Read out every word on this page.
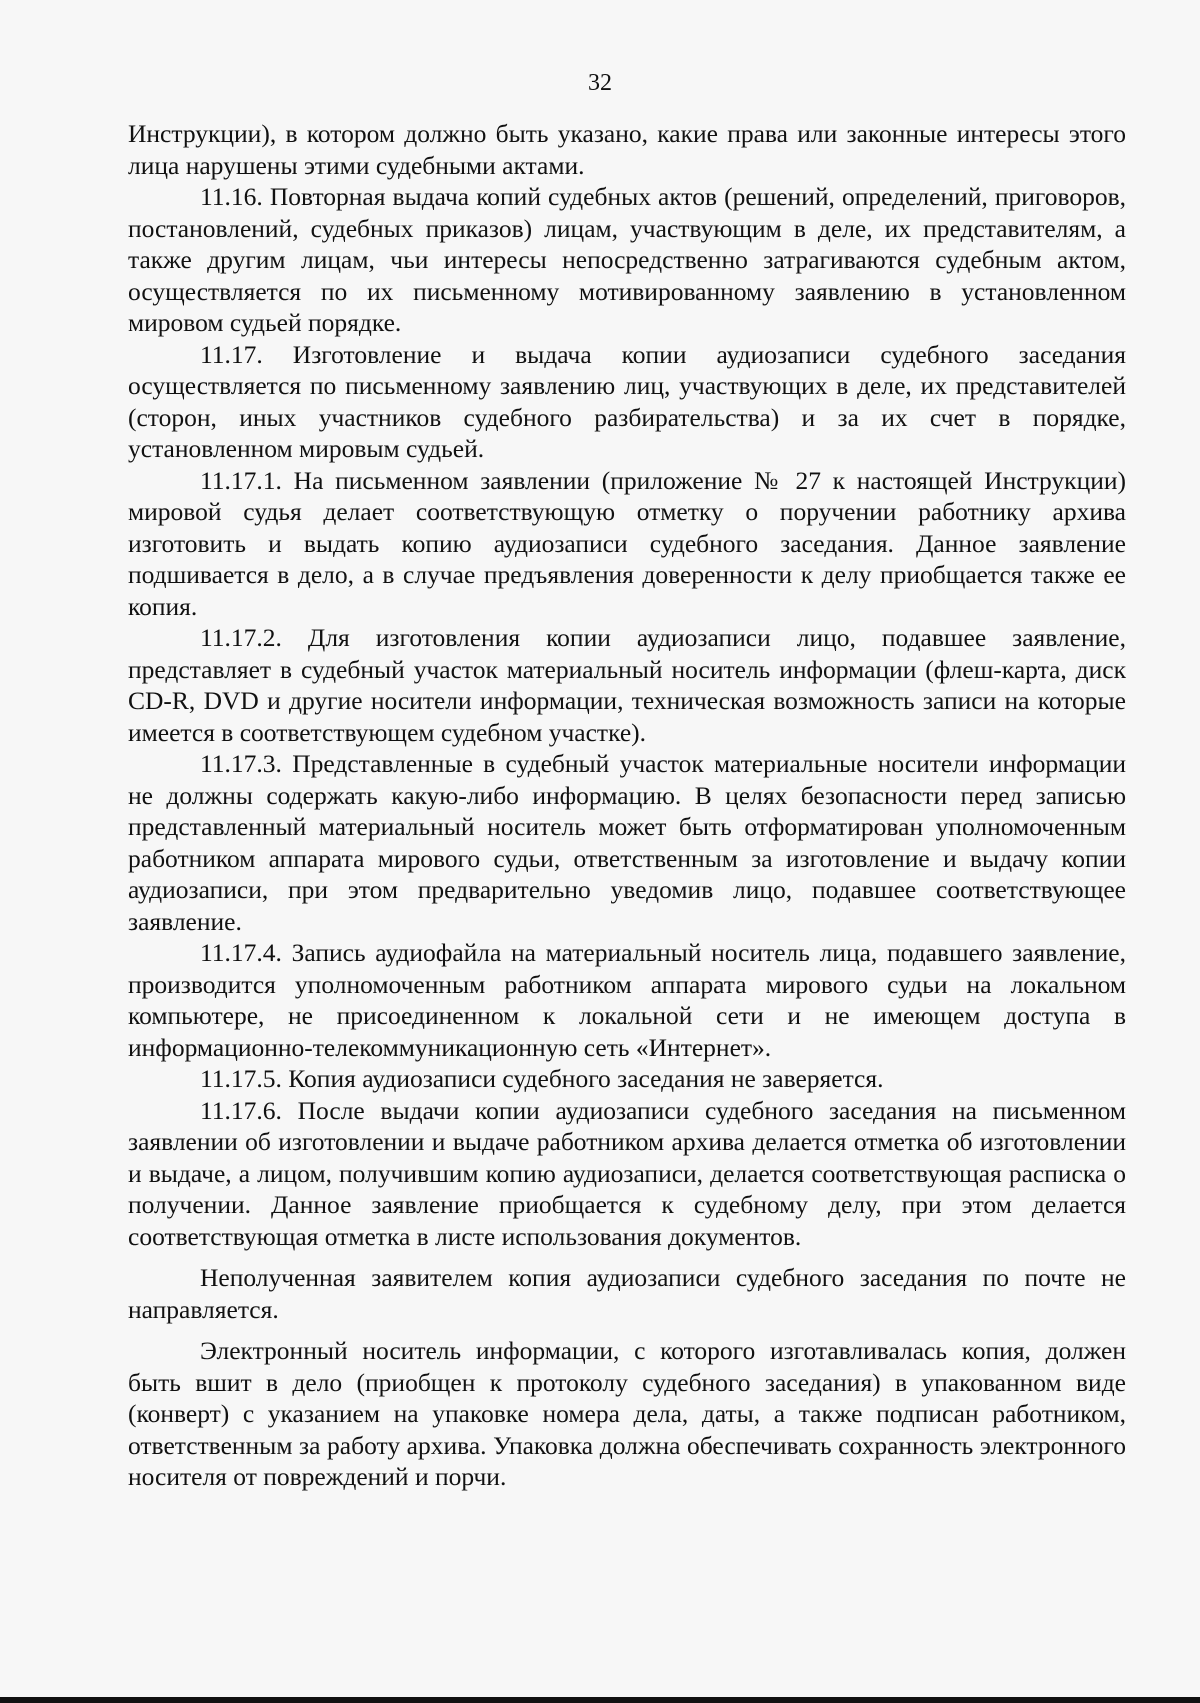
32

Инструкции), в котором должно быть указано, какие права или законные интересы этого лица нарушены этими судебными актами.

11.16. Повторная выдача копий судебных актов (решений, определений, приговоров, постановлений, судебных приказов) лицам, участвующим в деле, их представителям, а также другим лицам, чьи интересы непосредственно затрагиваются судебным актом, осуществляется по их письменному мотивированному заявлению в установленном мировом судьей порядке.

11.17. Изготовление и выдача копии аудиозаписи судебного заседания осуществляется по письменному заявлению лиц, участвующих в деле, их представителей (сторон, иных участников судебного разбирательства) и за их счет в порядке, установленном мировым судьей.

11.17.1. На письменном заявлении (приложение № 27 к настоящей Инструкции) мировой судья делает соответствующую отметку о поручении работнику архива изготовить и выдать копию аудиозаписи судебного заседания. Данное заявление подшивается в дело, а в случае предъявления доверенности к делу приобщается также ее копия.

11.17.2. Для изготовления копии аудиозаписи лицо, подавшее заявление, представляет в судебный участок материальный носитель информации (флеш-карта, диск CD-R, DVD и другие носители информации, техническая возможность записи на которые имеется в соответствующем судебном участке).

11.17.3. Представленные в судебный участок материальные носители информации не должны содержать какую-либо информацию. В целях безопасности перед записью представленный материальный носитель может быть отформатирован уполномоченным работником аппарата мирового судьи, ответственным за изготовление и выдачу копии аудиозаписи, при этом предварительно уведомив лицо, подавшее соответствующее заявление.

11.17.4. Запись аудиофайла на материальный носитель лица, подавшего заявление, производится уполномоченным работником аппарата мирового судьи на локальном компьютере, не присоединенном к локальной сети и не имеющем доступа в информационно-телекоммуникационную сеть «Интернет».

11.17.5. Копия аудиозаписи судебного заседания не заверяется.

11.17.6. После выдачи копии аудиозаписи судебного заседания на письменном заявлении об изготовлении и выдаче работником архива делается отметка об изготовлении и выдаче, а лицом, получившим копию аудиозаписи, делается соответствующая расписка о получении. Данное заявление приобщается к судебному делу, при этом делается соответствующая отметка в листе использования документов.

Неполученная заявителем копия аудиозаписи судебного заседания по почте не направляется.

Электронный носитель информации, с которого изготавливалась копия, должен быть вшит в дело (приобщен к протоколу судебного заседания) в упакованном виде (конверт) с указанием на упаковке номера дела, даты, а также подписан работником, ответственным за работу архива. Упаковка должна обеспечивать сохранность электронного носителя от повреждений и порчи.
